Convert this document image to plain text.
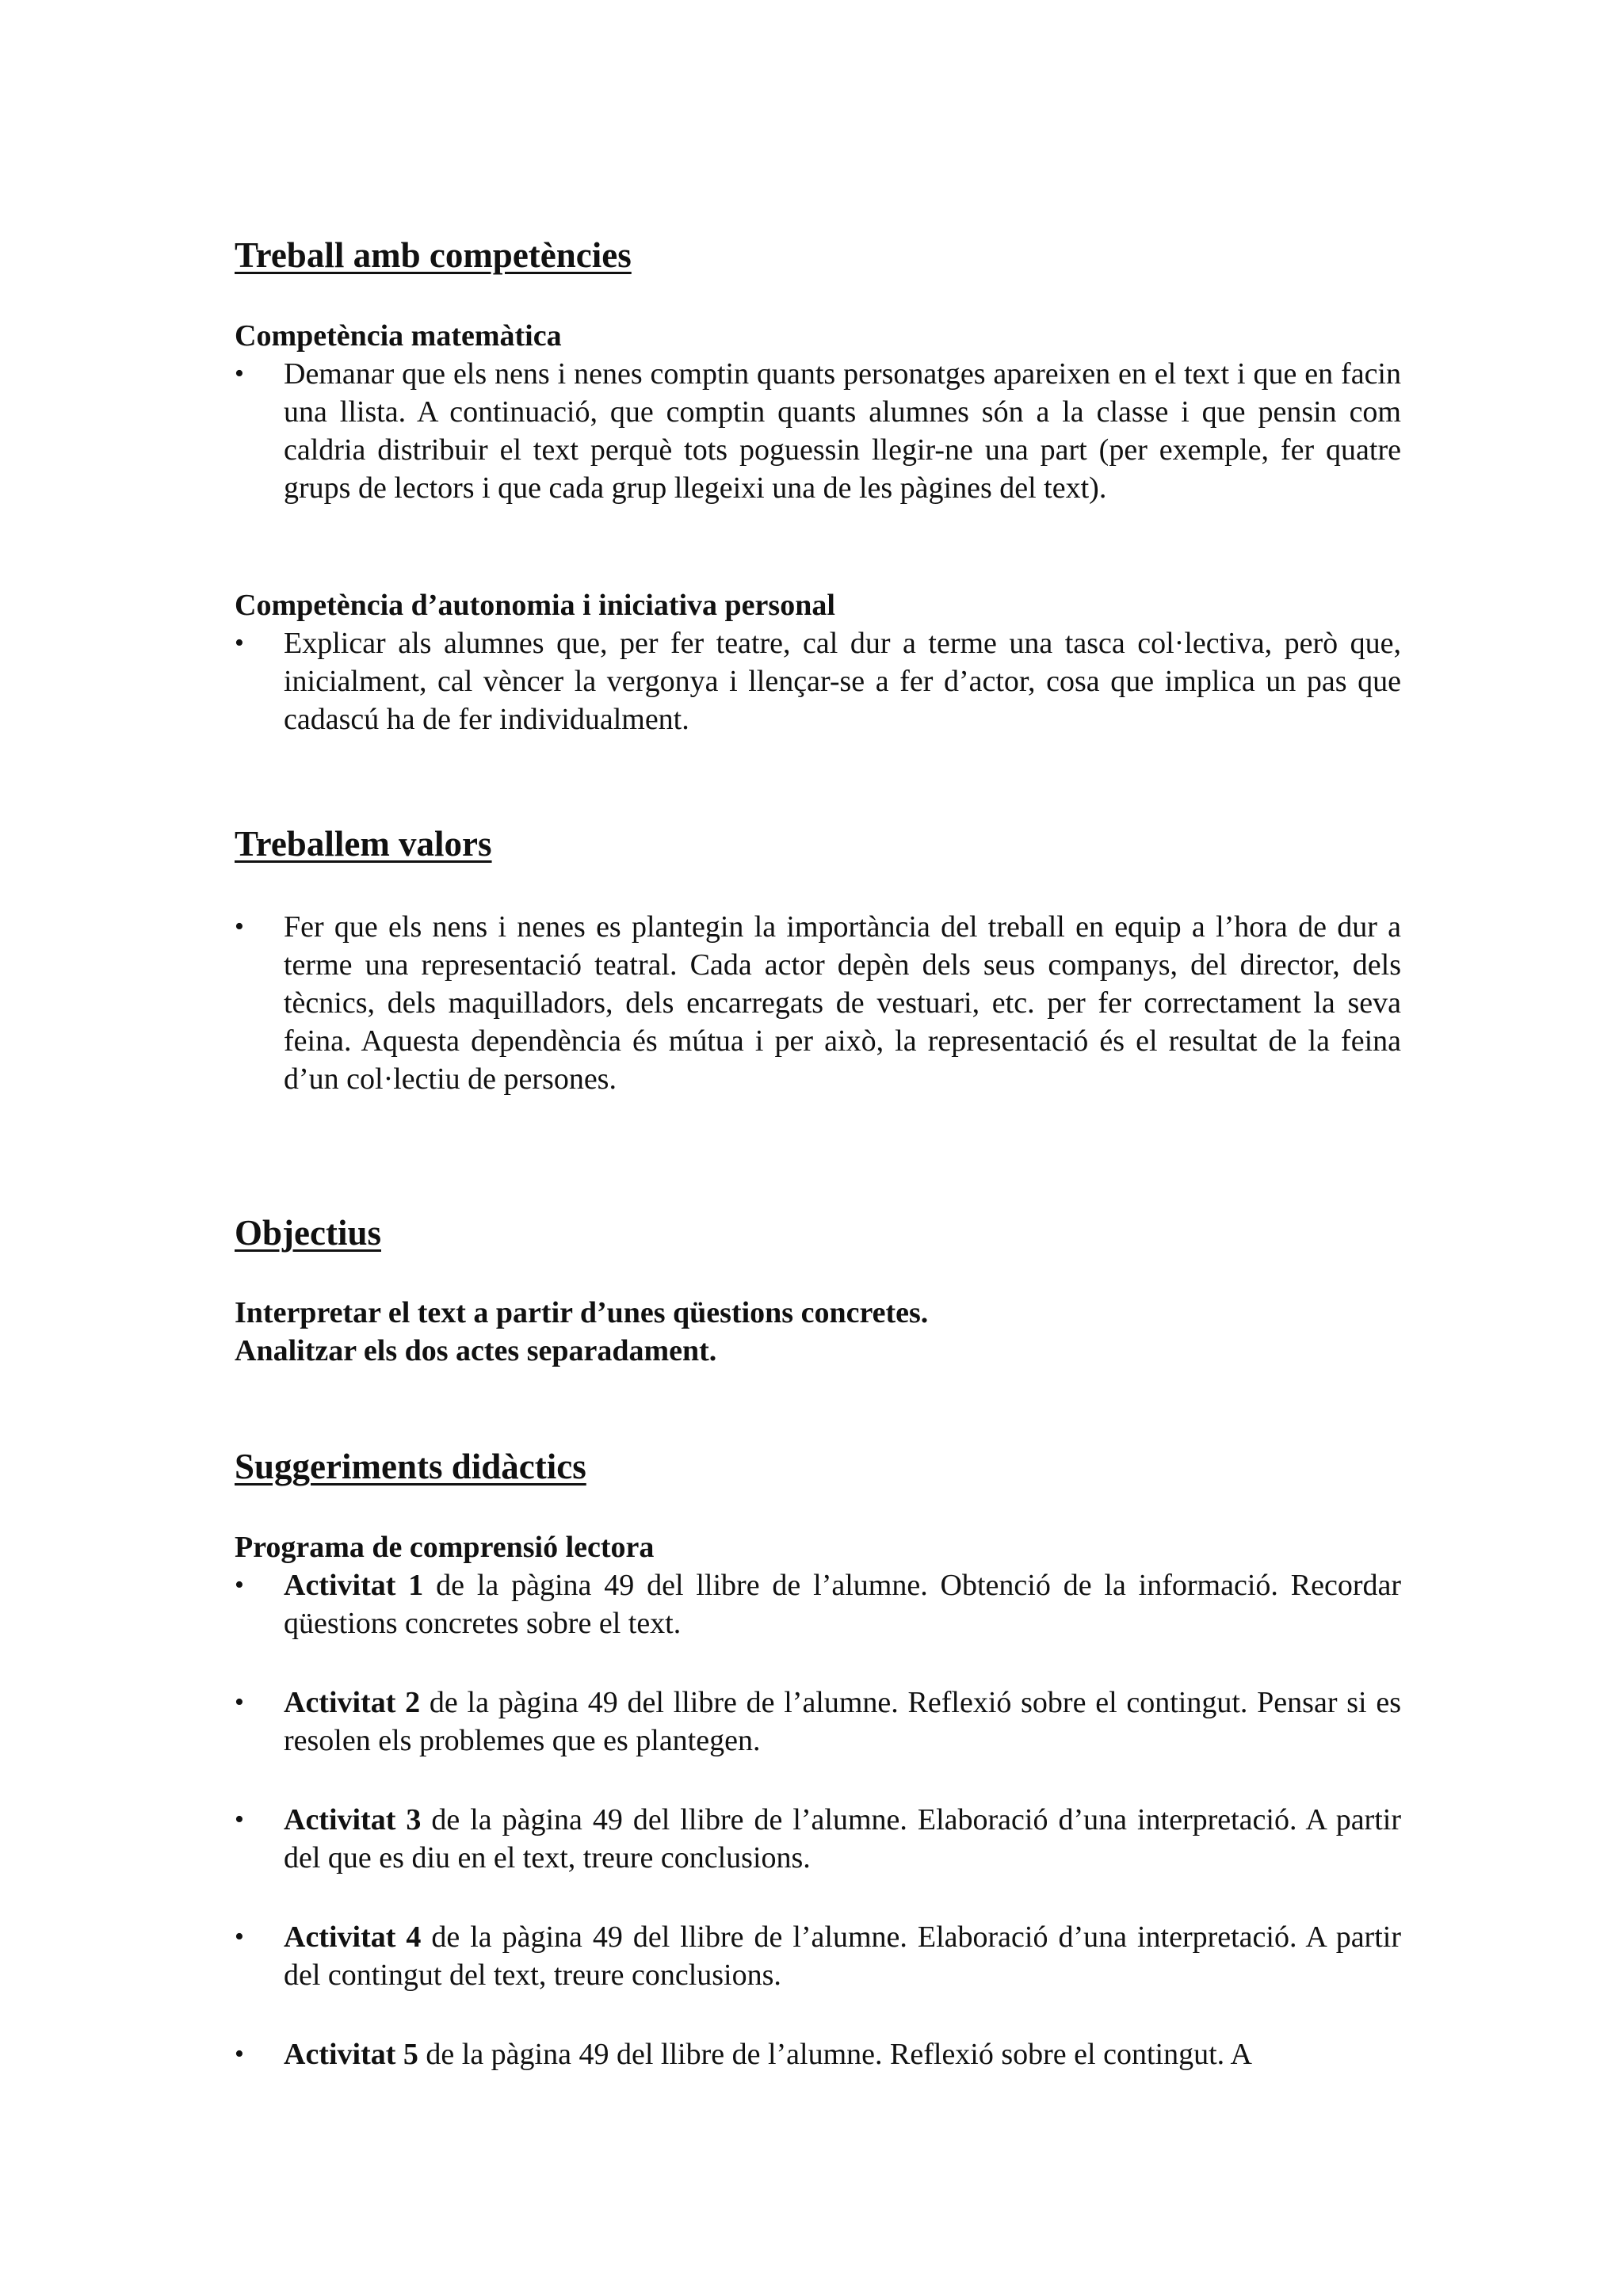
Treball amb competències

Competència matemàtica

•	Demanar que els nens i nenes comptin quants personatges apareixen en el text i que en facin una llista. A continuació, que comptin quants alumnes són a la classe i que pensin com caldria distribuir el text perquè tots poguessin llegir-ne una part (per exemple, fer quatre grups de lectors i que cada grup llegeixi una de les pàgines del text).

Competència d’autonomia i iniciativa personal

•	Explicar als alumnes que, per fer teatre, cal dur a terme una tasca col·lectiva, però que, inicialment, cal vèncer la vergonya i llençar-se a fer d’actor, cosa que implica un pas que cadascú ha de fer individualment.
Treballem valors
•	Fer que els nens i nenes es plantegin la importància del treball en equip a l’hora de dur a terme una representació teatral. Cada actor depèn dels seus companys, del director, dels tècnics, dels maquilladors, dels encarregats de vestuari, etc. per fer correctament la seva feina. Aquesta dependència és mútua i per això, la representació és el resultat de la feina d’un col·lectiu de persones.
Objectius

Interpretar el text a partir d’unes qüestions concretes.

Analitzar els dos actes separadament.

Suggeriments didàctics

Programa de comprensió lectora

•	Activitat 1 de la pàgina 49 del llibre de l’alumne. Obtenció de la informació. Recordar qüestions concretes sobre el text.
•	Activitat 2 de la pàgina 49 del llibre de l’alumne. Reflexió sobre el contingut. Pensar si es resolen els problemes que es plantegen.
•	Activitat 3 de la pàgina 49 del llibre de l’alumne. Elaboració d’una interpretació. A partir del que es diu en el text, treure conclusions.
•	Activitat 4 de la pàgina 49 del llibre de l’alumne. Elaboració d’una interpretació. A partir del contingut del text, treure conclusions.
•	Activitat 5 de la pàgina 49 del llibre de l’alumne. Reflexió sobre el contingut. A
